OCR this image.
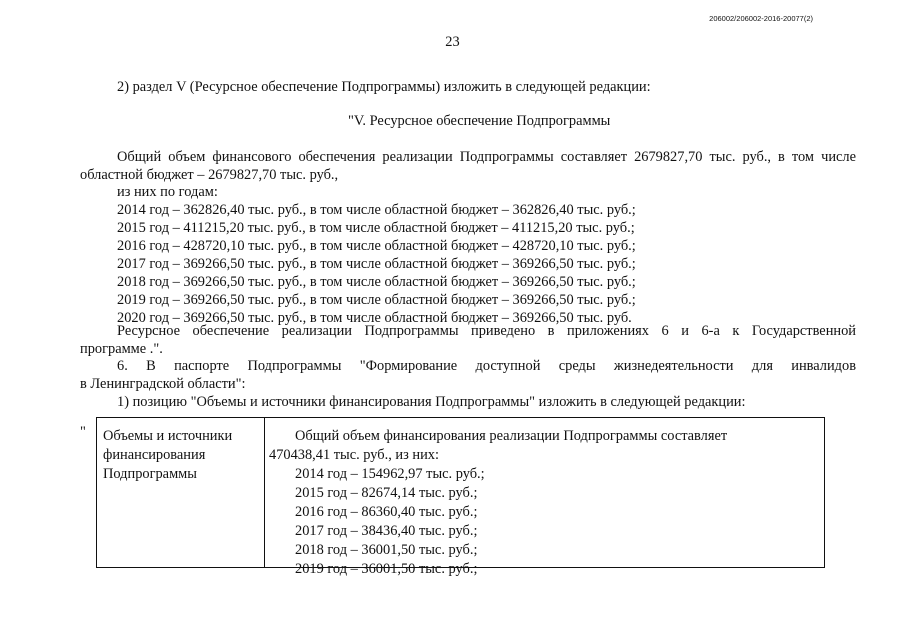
206002/206002-2016-20077(2)
23
2) раздел V (Ресурсное обеспечение Подпрограммы) изложить в следующей редакции:
"V. Ресурсное обеспечение Подпрограммы
Общий объем финансового обеспечения реализации Подпрограммы составляет 2679827,70 тыс. руб., в том числе
областной бюджет – 2679827,70 тыс. руб.,
из них по годам:
2014 год – 362826,40 тыс. руб., в том числе областной бюджет – 362826,40 тыс. руб.;
2015 год – 411215,20 тыс. руб., в том числе областной бюджет – 411215,20 тыс. руб.;
2016 год – 428720,10 тыс. руб., в том числе областной бюджет – 428720,10 тыс. руб.;
2017 год – 369266,50 тыс. руб., в том числе областной бюджет – 369266,50 тыс. руб.;
2018 год – 369266,50 тыс. руб., в том числе областной бюджет – 369266,50 тыс. руб.;
2019 год – 369266,50 тыс. руб., в том числе областной бюджет – 369266,50 тыс. руб.;
2020 год – 369266,50 тыс. руб., в том числе областной бюджет – 369266,50 тыс. руб.
Ресурсное обеспечение реализации Подпрограммы приведено в приложениях 6 и 6-а к Государственной
программе .".
6. В паспорте Подпрограммы "Формирование доступной среды жизнедеятельности для инвалидов
в Ленинградской области":
1) позицию "Объемы и источники финансирования Подпрограммы" изложить в следующей редакции:
" Объемы и источники
финансирования
Подпрограммы
Общий объем финансирования реализации Подпрограммы составляет
470438,41 тыс. руб., из них:
2014 год – 154962,97 тыс. руб.;
2015 год – 82674,14 тыс. руб.;
2016 год – 86360,40 тыс. руб.;
2017 год – 38436,40 тыс. руб.;
2018 год – 36001,50 тыс. руб.;
2019 год – 36001,50 тыс. руб.;
